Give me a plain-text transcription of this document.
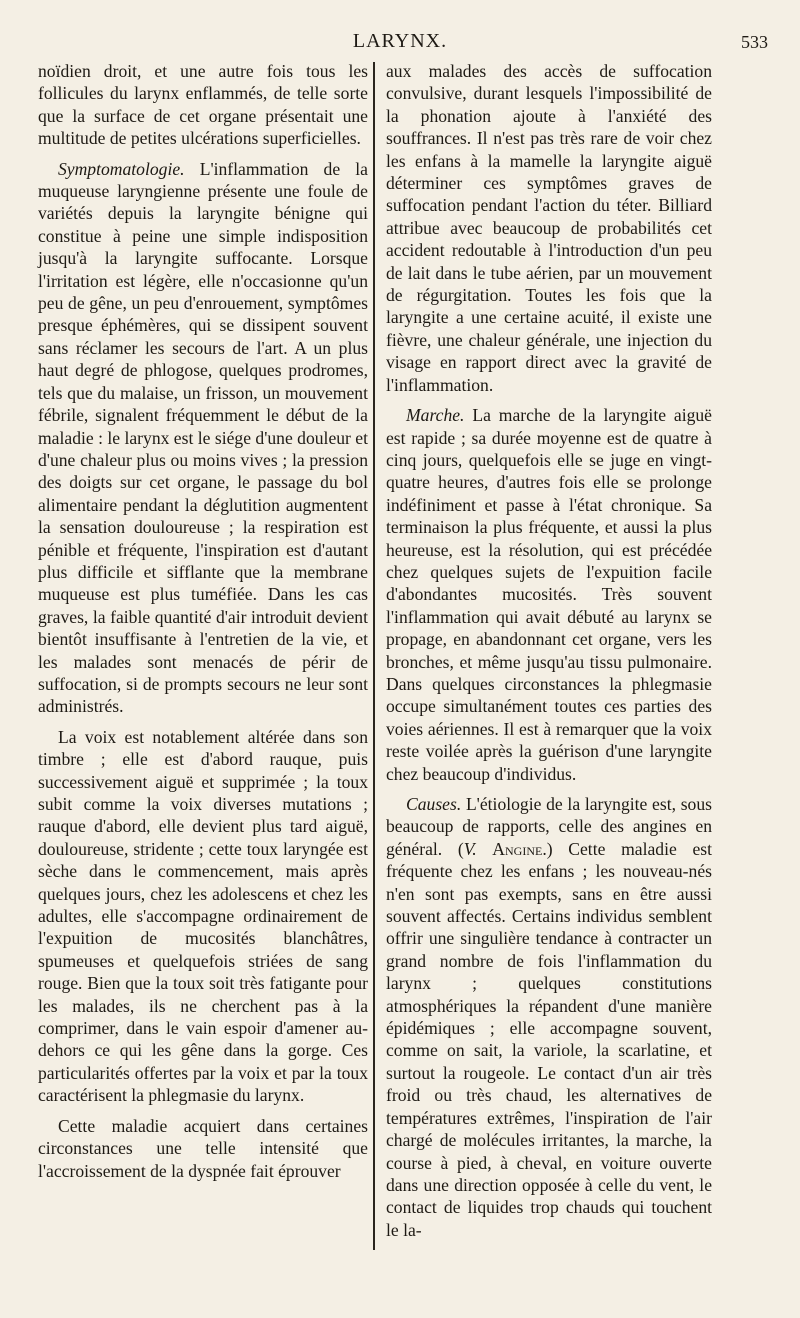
LARYNX.	533

noïdien droit, et une autre fois tous les follicules du larynx enflammés, de telle sorte que la surface de cet organe présentait une multitude de petites ulcérations superficielles.

Symptomatologie. L'inflammation de la muqueuse laryngienne présente une foule de variétés depuis la laryngite bénigne qui constitue à peine une simple indisposition jusqu'à la laryngite suffocante. Lorsque l'irritation est légère, elle n'occasionne qu'un peu de gêne, un peu d'enrouement, symptômes presque éphémères, qui se dissipent souvent sans réclamer les secours de l'art. A un plus haut degré de phlogose, quelques prodromes, tels que du malaise, un frisson, un mouvement fébrile, signalent fréquemment le début de la maladie : le larynx est le siége d'une douleur et d'une chaleur plus ou moins vives ; la pression des doigts sur cet organe, le passage du bol alimentaire pendant la déglutition augmentent la sensation douloureuse ; la respiration est pénible et fréquente, l'inspiration est d'autant plus difficile et sifflante que la membrane muqueuse est plus tuméfiée. Dans les cas graves, la faible quantité d'air introduit devient bientôt insuffisante à l'entretien de la vie, et les malades sont menacés de périr de suffocation, si de prompts secours ne leur sont administrés.

La voix est notablement altérée dans son timbre ; elle est d'abord rauque, puis successivement aiguë et supprimée ; la toux subit comme la voix diverses mutations ; rauque d'abord, elle devient plus tard aiguë, douloureuse, stridente ; cette toux laryngée est sèche dans le commencement, mais après quelques jours, chez les adolescens et chez les adultes, elle s'accompagne ordinairement de l'expuition de mucosités blanchâtres, spumeuses et quelquefois striées de sang rouge. Bien que la toux soit très fatigante pour les malades, ils ne cherchent pas à la comprimer, dans le vain espoir d'amener au-dehors ce qui les gêne dans la gorge. Ces particularités offertes par la voix et par la toux caractérisent la phlegmasie du larynx.

Cette maladie acquiert dans certaines circonstances une telle intensité que l'accroissement de la dyspnée fait éprouver

aux malades des accès de suffocation convulsive, durant lesquels l'impossibilité de la phonation ajoute à l'anxiété des souffrances. Il n'est pas très rare de voir chez les enfans à la mamelle la laryngite aiguë déterminer ces symptômes graves de suffocation pendant l'action du téter. Billiard attribue avec beaucoup de probabilités cet accident redoutable à l'introduction d'un peu de lait dans le tube aérien, par un mouvement de régurgitation. Toutes les fois que la laryngite a une certaine acuité, il existe une fièvre, une chaleur générale, une injection du visage en rapport direct avec la gravité de l'inflammation.

Marche. La marche de la laryngite aiguë est rapide ; sa durée moyenne est de quatre à cinq jours, quelquefois elle se juge en vingt-quatre heures, d'autres fois elle se prolonge indéfiniment et passe à l'état chronique. Sa terminaison la plus fréquente, et aussi la plus heureuse, est la résolution, qui est précédée chez quelques sujets de l'expuition facile d'abondantes mucosités. Très souvent l'inflammation qui avait débuté au larynx se propage, en abandonnant cet organe, vers les bronches, et même jusqu'au tissu pulmonaire. Dans quelques circonstances la phlegmasie occupe simultanément toutes ces parties des voies aériennes. Il est à remarquer que la voix reste voilée après la guérison d'une laryngite chez beaucoup d'individus.

Causes. L'étiologie de la laryngite est, sous beaucoup de rapports, celle des angines en général. (V. Angine.) Cette maladie est fréquente chez les enfans ; les nouveau-nés n'en sont pas exempts, sans en être aussi souvent affectés. Certains individus semblent offrir une singulière tendance à contracter un grand nombre de fois l'inflammation du larynx ; quelques constitutions atmosphériques la répandent d'une manière épidémiques ; elle accompagne souvent, comme on sait, la variole, la scarlatine, et surtout la rougeole. Le contact d'un air très froid ou très chaud, les alternatives de températures extrêmes, l'inspiration de l'air chargé de molécules irritantes, la marche, la course à pied, à cheval, en voiture ouverte dans une direction opposée à celle du vent, le contact de liquides trop chauds qui touchent le la-
